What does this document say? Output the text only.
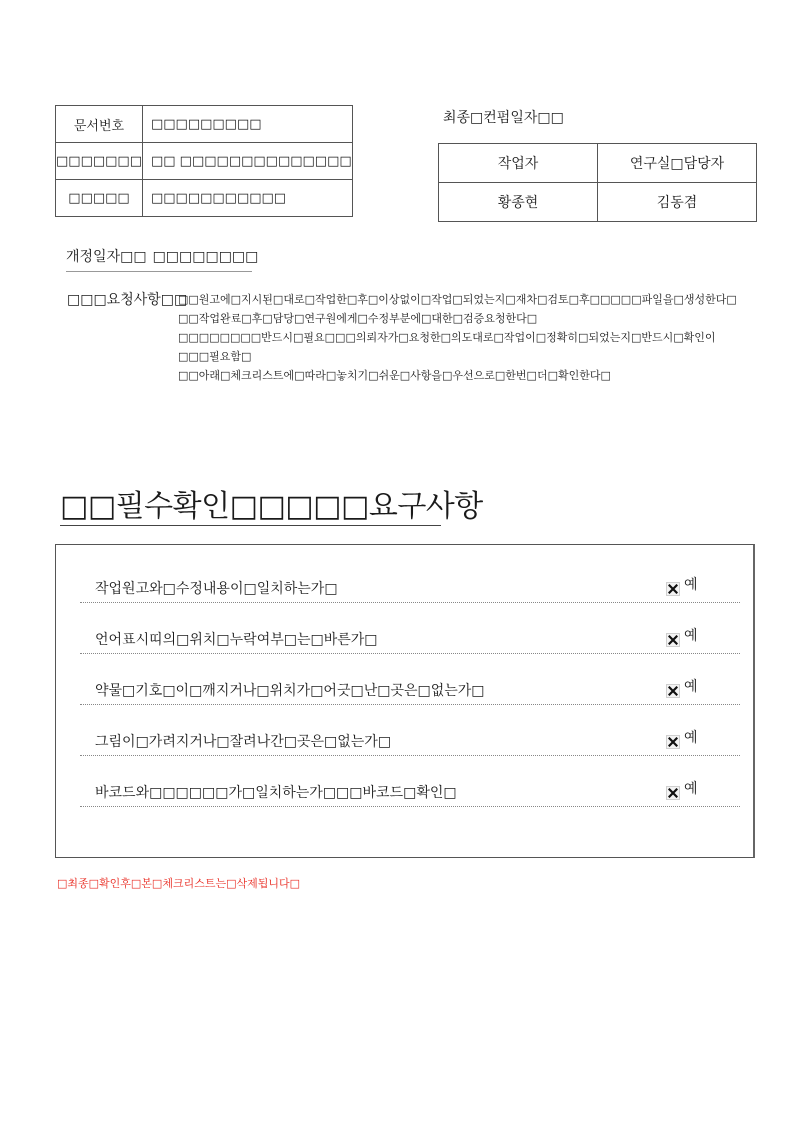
문서번호	□□□□□□□□□
□□□□□□□	□□ □□□□□□□□□□□□□□
□□□□□	□□□□□□□□□□□
최종□컨펌일자□□
작업자	연구실□담당자
황종현	김동겸
개정일자□□ □□□□□□□□
□□□요청사항□□
□□원고에□지시된□대로□작업한□후□이상없이□작업□되었는지□재차□검토□후□□□□□파일을□생성한다□
□□작업완료□후□담당□연구원에게□수정부분에□대한□검증요청한다□
□□□□□□□□반드시□필요□□□의뢰자가□요청한□의도대로□작업이□정확히□되었는지□반드시□확인이
□□□필요함□
□□아래□체크리스트에□따라□놓치기□쉬운□사항을□우선으로□한번□더□확인한다□
□□필수확인□□□□□요구사항
작업원고와□수정내용이□일치하는가□	예
언어표시띠의□위치□누락여부□는□바른가□	예
약물□기호□이□깨지거나□위치가□어긋□난□곳은□없는가□	예
그림이□가려지거나□잘려나간□곳은□없는가□	예
바코드와□□□□□□가□일치하는가□□□바코드□확인□	예
□최종□확인후□본□체크리스트는□삭제됩니다□
